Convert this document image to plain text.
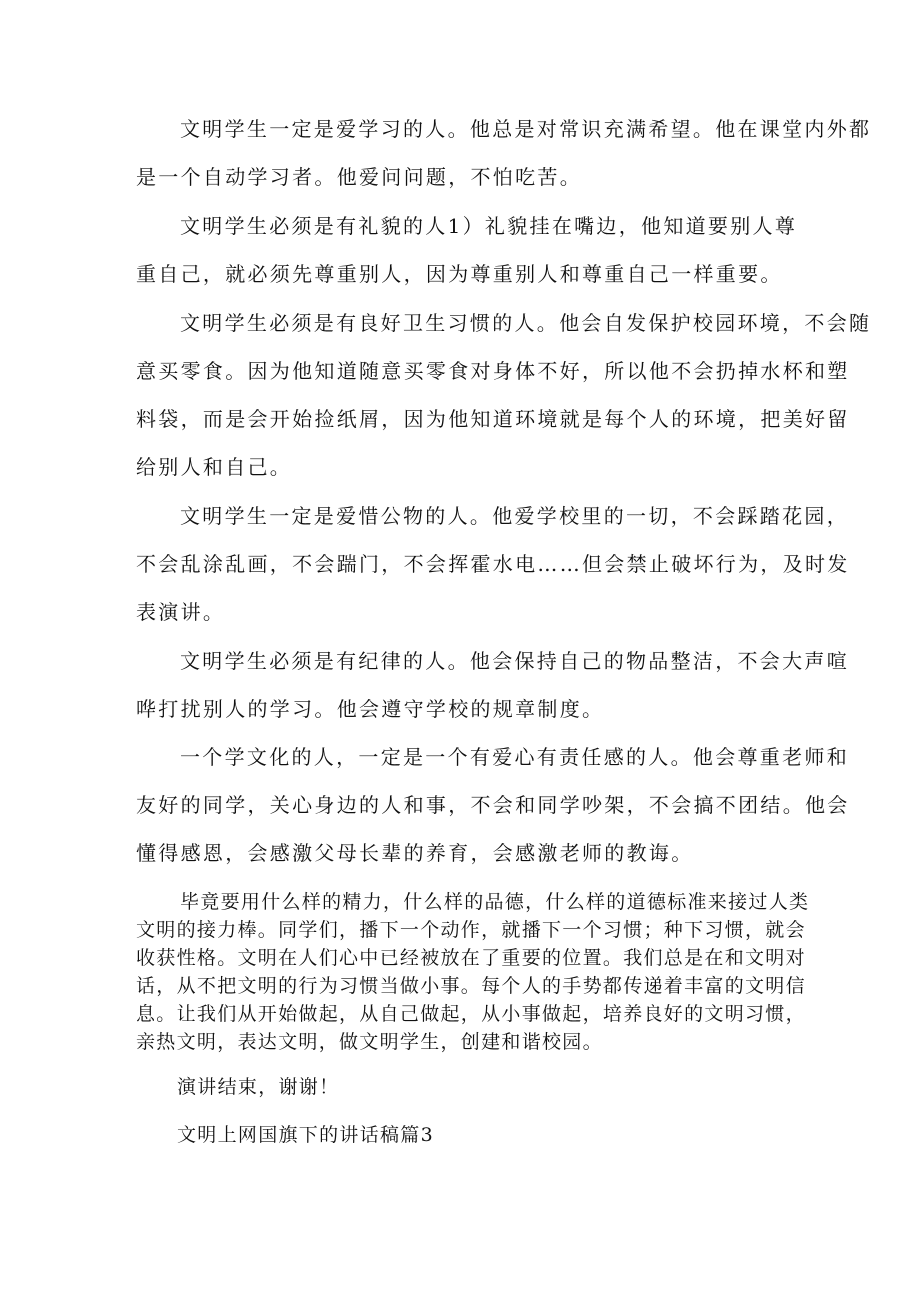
文明学生一定是爱学习的人。他总是对常识充满希望。他在课堂内外都
是一个自动学习者。他爱问问题，不怕吃苦。

文明学生必须是有礼貌的人1）礼貌挂在嘴边，他知道要别人尊
重自己，就必须先尊重别人，因为尊重别人和尊重自己一样重要。

文明学生必须是有良好卫生习惯的人。他会自发保护校园环境，不会随
意买零食。因为他知道随意买零食对身体不好，所以他不会扔掉水杯和塑
料袋，而是会开始捡纸屑，因为他知道环境就是每个人的环境，把美好留
给别人和自己。

文明学生一定是爱惜公物的人。他爱学校里的一切，不会踩踏花园，
不会乱涂乱画，不会踹门，不会挥霍水电……但会禁止破坏行为，及时发
表演讲。

文明学生必须是有纪律的人。他会保持自己的物品整洁，不会大声喧
哗打扰别人的学习。他会遵守学校的规章制度。

一个学文化的人，一定是一个有爱心有责任感的人。他会尊重老师和
友好的同学，关心身边的人和事，不会和同学吵架，不会搞不团结。他会
懂得感恩，会感激父母长辈的养育，会感激老师的教诲。

毕竟要用什么样的精力，什么样的品德，什么样的道德标准来接过人类
文明的接力棒。同学们，播下一个动作，就播下一个习惯；种下习惯，就会
收获性格。文明在人们心中已经被放在了重要的位置。我们总是在和文明对
话，从不把文明的行为习惯当做小事。每个人的手势都传递着丰富的文明信
息。让我们从开始做起，从自己做起，从小事做起，培养良好的文明习惯，
亲热文明，表达文明，做文明学生，创建和谐校园。

演讲结束，谢谢！

文明上网国旗下的讲话稿篇3
